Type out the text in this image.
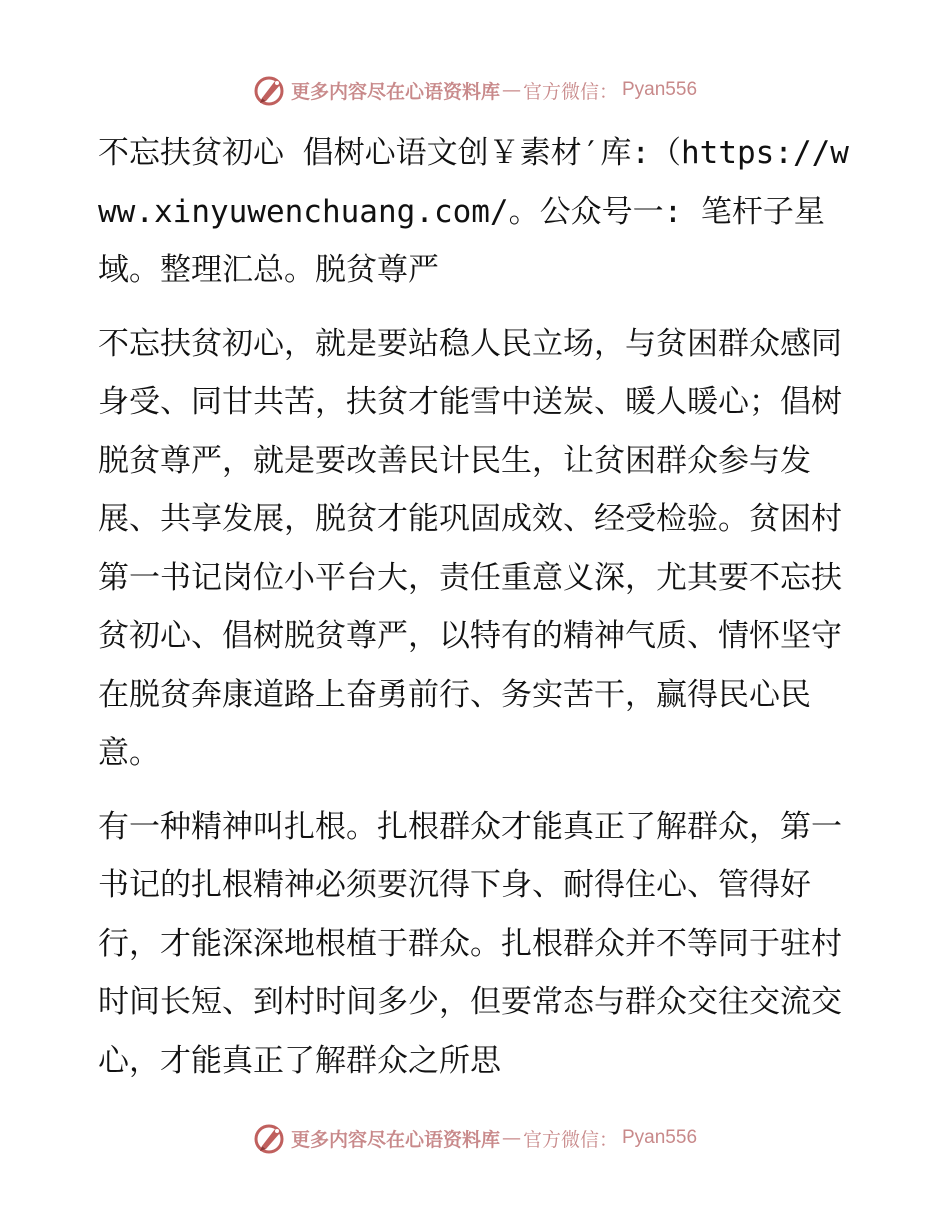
更多内容尽在心语资料库 — 官方微信： Pyan556

不忘扶贫初心 倡树心语文创￥素材′库:（https://www.xinyuwenchuang.com/。公众号一: 笔杆子星域。整理汇总。脱贫尊严

不忘扶贫初心，就是要站稳人民立场，与贫困群众感同身受、同甘共苦，扶贫才能雪中送炭、暖人暖心；倡树脱贫尊严，就是要改善民计民生，让贫困群众参与发展、共享发展，脱贫才能巩固成效、经受检验。贫困村第一书记岗位小平台大，责任重意义深，尤其要不忘扶贫初心、倡树脱贫尊严，以特有的精神气质、情怀坚守在脱贫奔康道路上奋勇前行、务实苦干，赢得民心民意。

有一种精神叫扎根。扎根群众才能真正了解群众，第一书记的扎根精神必须要沉得下身、耐得住心、管得好行，才能深深地根植于群众。扎根群众并不等同于驻村时间长短、到村时间多少，但要常态与群众交往交流交心，才能真正了解群众之所思

更多内容尽在心语资料库 — 官方微信： Pyan556
